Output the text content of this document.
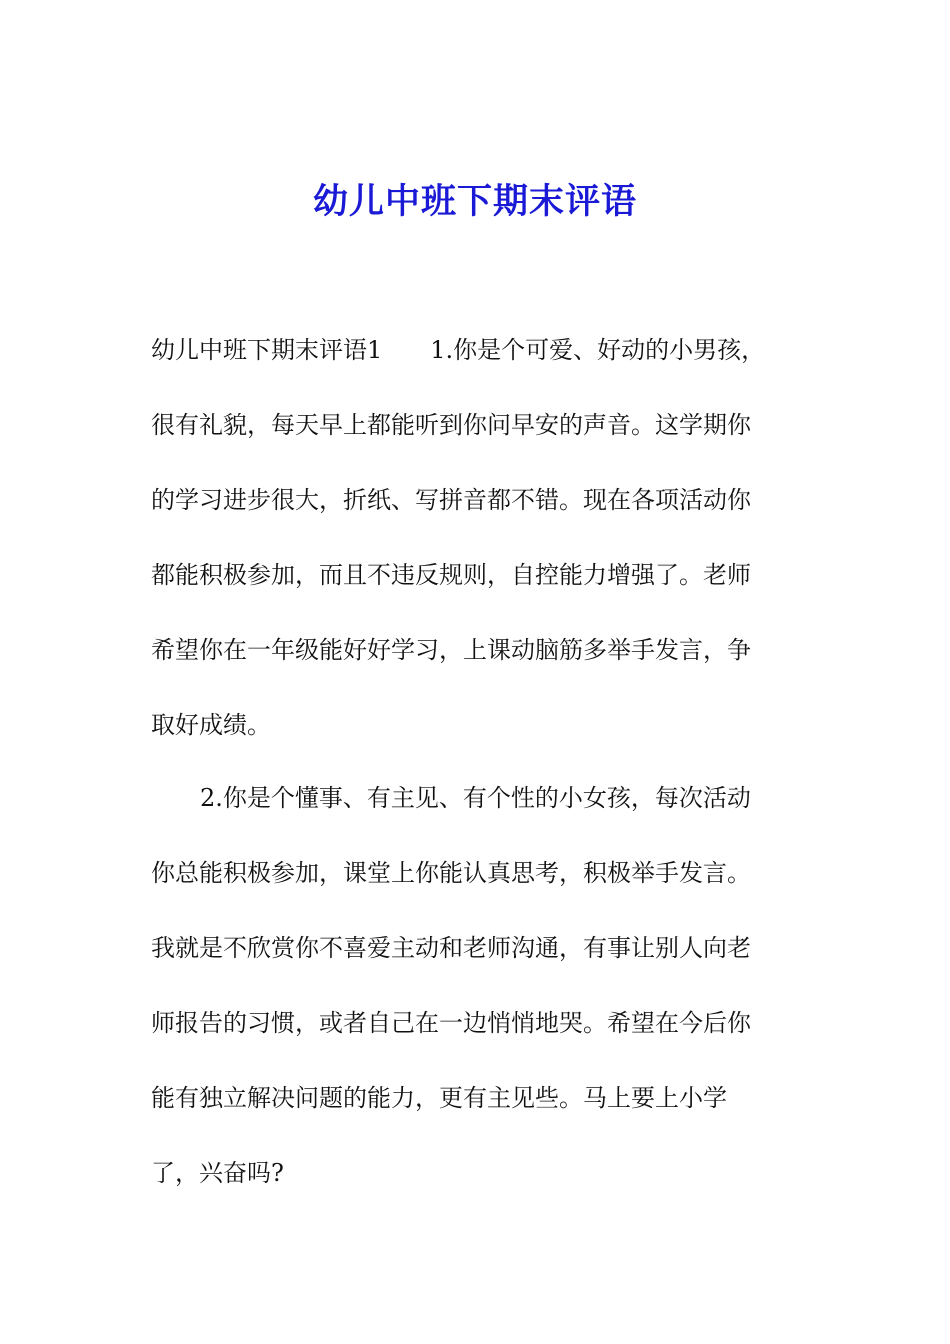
幼儿中班下期末评语
幼儿中班下期末评语1　　1.你是个可爱、好动的小男孩，
很有礼貌，每天早上都能听到你问早安的声音。这学期你
的学习进步很大，折纸、写拼音都不错。现在各项活动你
都能积极参加，而且不违反规则，自控能力增强了。老师
希望你在一年级能好好学习，上课动脑筋多举手发言，争
取好成绩。
2.你是个懂事、有主见、有个性的小女孩，每次活动
你总能积极参加，课堂上你能认真思考，积极举手发言。
我就是不欣赏你不喜爱主动和老师沟通，有事让别人向老
师报告的习惯，或者自己在一边悄悄地哭。希望在今后你
能有独立解决问题的能力，更有主见些。马上要上小学
了，兴奋吗?
